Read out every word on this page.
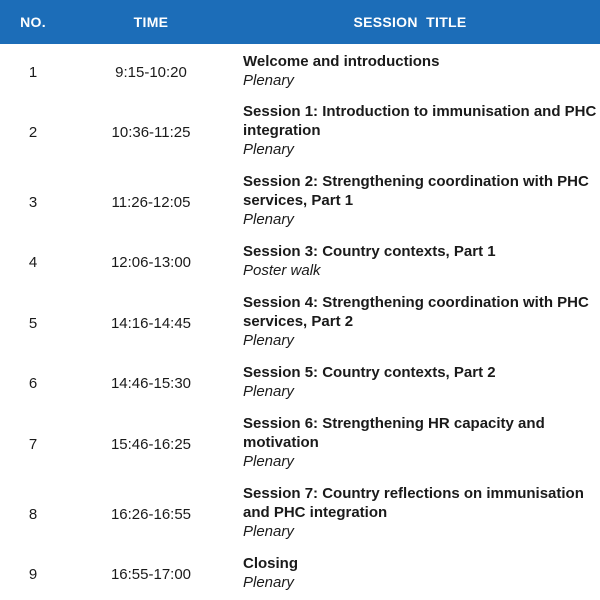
NO.	TIME	SESSION  TITLE
1	9:15-10:20
Welcome and introductions
Plenary
2	10:36-11:25
Session 1: Introduction to immunisation and PHC integration
Plenary
3	11:26-12:05
Session 2: Strengthening coordination with PHC services, Part 1
Plenary
4	12:06-13:00
Session 3: Country contexts, Part 1
Poster walk
5	14:16-14:45
Session 4: Strengthening coordination with PHC services, Part 2
Plenary
6	14:46-15:30
Session 5: Country contexts, Part 2
Plenary
7	15:46-16:25
Session 6: Strengthening HR capacity and motivation
Plenary
8	16:26-16:55
Session 7: Country reflections on immunisation and PHC integration
Plenary
9	16:55-17:00
Closing
Plenary
